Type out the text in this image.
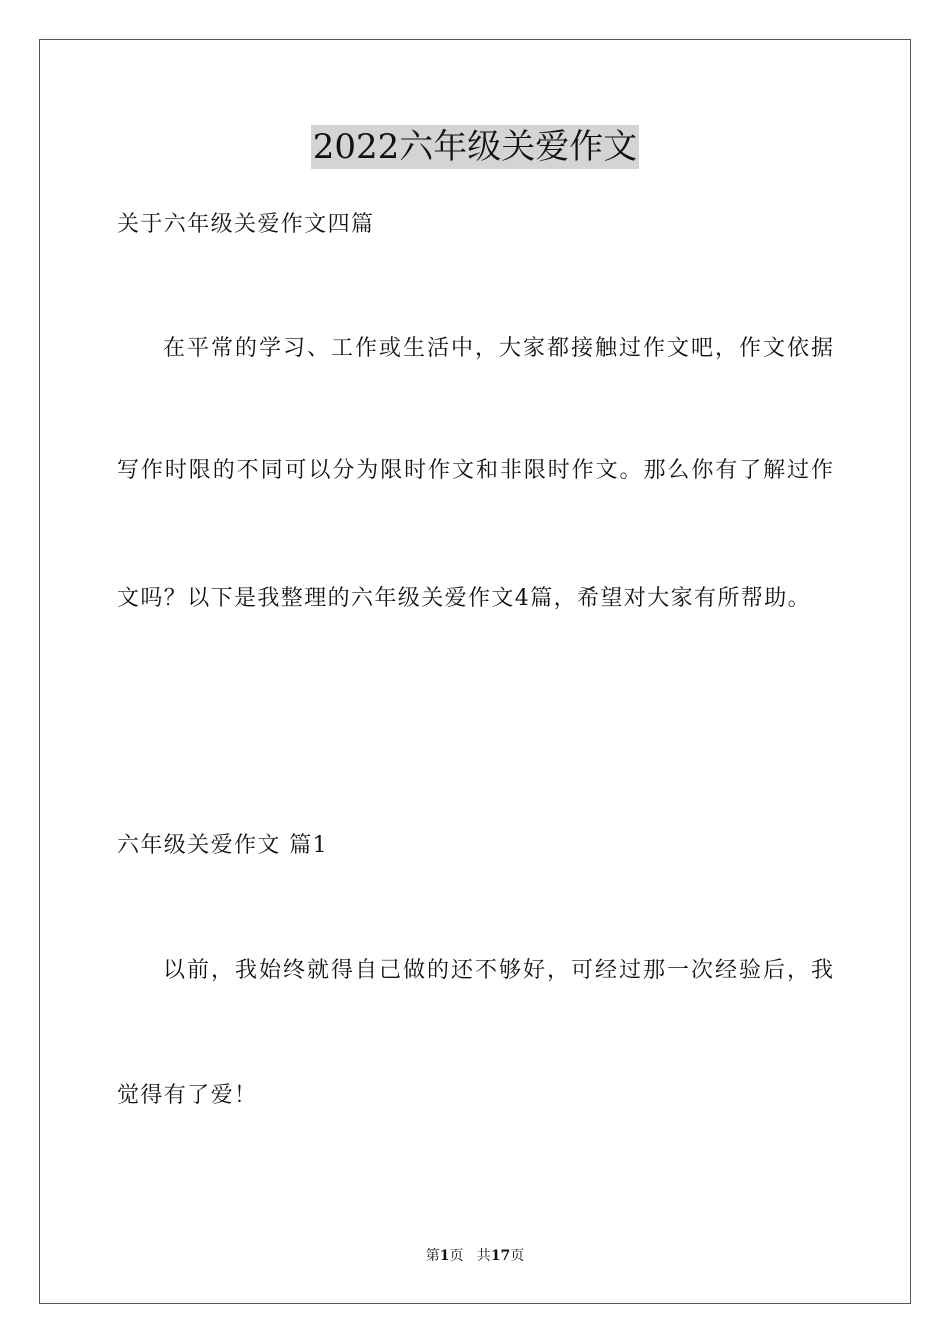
2022六年级关爱作文
关于六年级关爱作文四篇
在平常的学习、工作或生活中，大家都接触过作文吧，作文依据
写作时限的不同可以分为限时作文和非限时作文。那么你有了解过作
文吗？以下是我整理的六年级关爱作文4篇，希望对大家有所帮助。
六年级关爱作文 篇1
以前，我始终就得自己做的还不够好，可经过那一次经验后，我
觉得有了爱！
第1页   共17页
